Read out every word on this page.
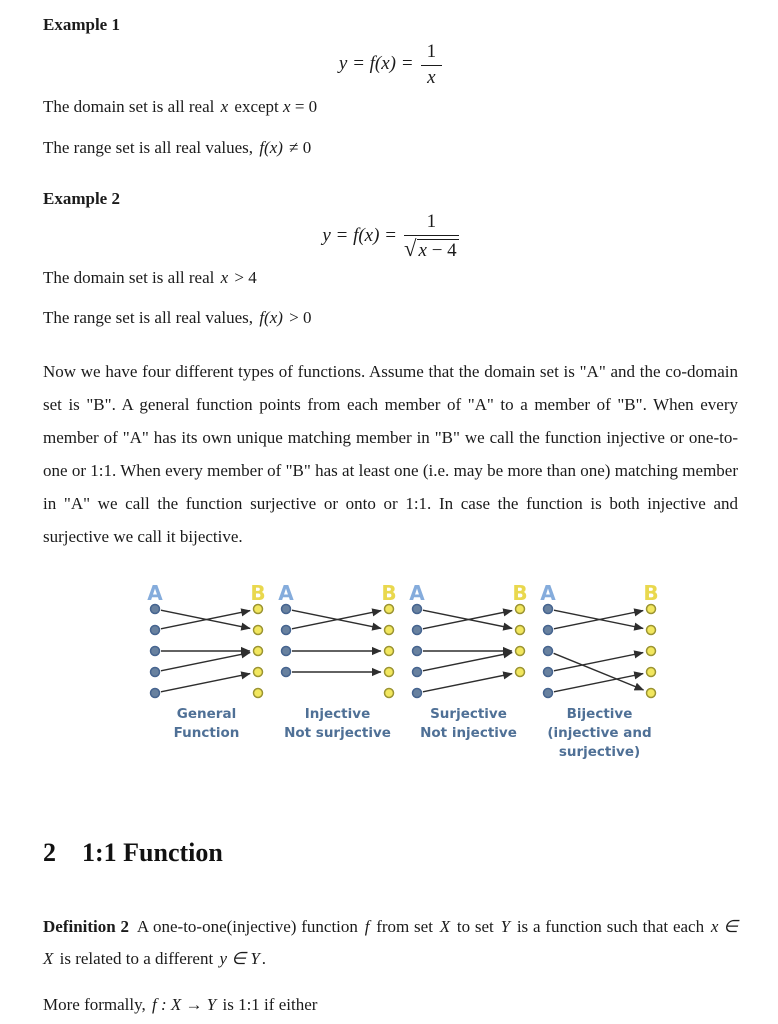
Example 1
$y = f(x) = \frac{1}{x}$

The domain set is all real x except x = 0

The range set is all real values, f(x) ≠ 0

Example 2
$y = f(x) = \frac{1}{√ x - 4}$

The domain set is all real x > 4

The range set is all real values, f(x) > 0

Now we have four different types of functions. Assume that the domain set is "A" and the co-domain set is "B". A general function points from each member of "A" to a member of "B". When every member of "A" has its own unique matching member in "B" we call the function injective or one-to-one or 1:1. When every member of "B" has at least one (i.e. may be more than one) matching member in "A" we call the function surjective or onto or 1:1. In case the function is both injective and surjective we call it bijective.

A	B
General
Function
A	B
Injective
Not surjective
A	B
Surjective
Not injective
A	B
Bijective
(injective and
surjective)
2 1:1 Function

Definition 2 A one-to-one(injective) function f from set X to set Y is a function such that each x ∈ X is related to a different y ∈ Y .

More formally, f : X → Y is 1:1 if either
